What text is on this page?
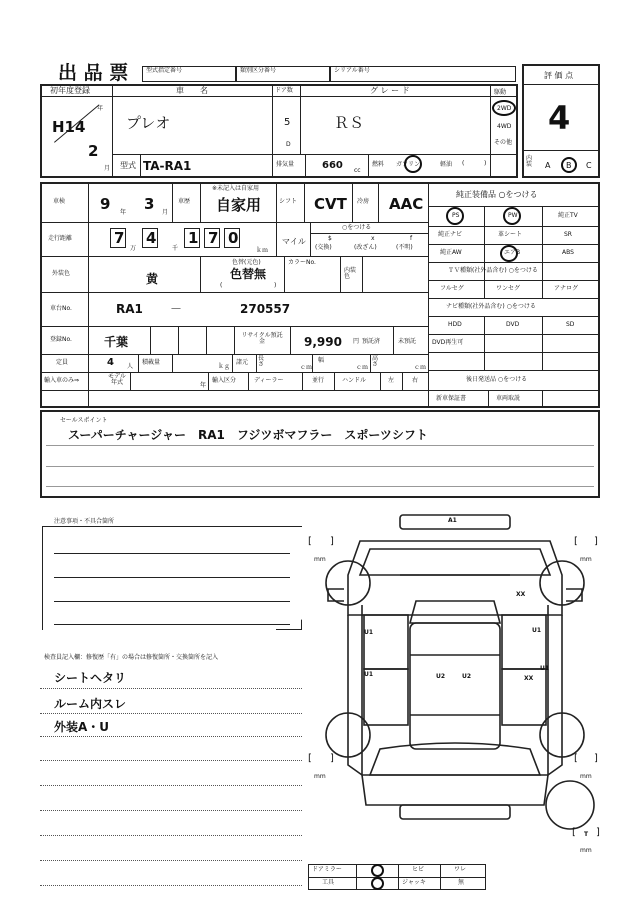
出 品 票	型式指定番号	類別区分番号	シリアル番号
評 価 点
4
内装 A B C
初年度登録
H14
年
2
月
車　　名
プレオ
ドア数
5
D
グ レ ー ド
ＲＳ
駆動
2WD
4WD
その他
型式 TA-RA1	排気量	660 cc
燃料 ガソリン	軽油 (	)
車検 9 年 3 月
車歴
※未記入は自家用
自家用	シフト CVT 冷房 AAC
走行距離	7
万
4
千
1 7 0
ｋｍ
マイル
○をつける
$
(交換)
x
(改ざん)
f
(不明)
外装色	黄
色替(元色)
色替無
(	)
カラーNo.
内装色
車台No.	RA1 －	270557
登録No.	千葉	リサイクル預託金	9,990 円 預託済	未預託
定員	4 人
積載量
ｋｇ
諸元
長さ	ｃｍ
幅
ｃｍ
高さ	ｃｍ
輸入車のみ⇒
モデル年式	年
輸入区分	ディーラー	並行	ハンドル	左	右
純正装備品 ○をつける
PS	PW	純正TV
純正ナビ	革シート	SR
純正AW	エアB	ABS
ＴＶ種類(社外品含む) ○をつける
フルセグ	ワンセグ	アナログ
ナビ種類(社外品含む) ○をつける
HDD	DVD	SD
DVD再生可
後日発送品 ○をつける
新車保証書	車両取説
セールスポイント
スーパーチャージャー　RA1　フジツボマフラー　スポーツシフト
注意事項・不具合箇所
検査員記入欄：修復歴「有」の場合は修復箇所・交換箇所を記入
シートヘタリ
ルーム内スレ
外装A・U
A1
XX
U1	U1
U1	U2	U2
U1
XX
[ ]
mm
[ ]
mm
[ ]
mm
[ ]
mm
[ T ]
mm
ドアミラー	ヒビ	ワレ
工具	ジャッキ	無
